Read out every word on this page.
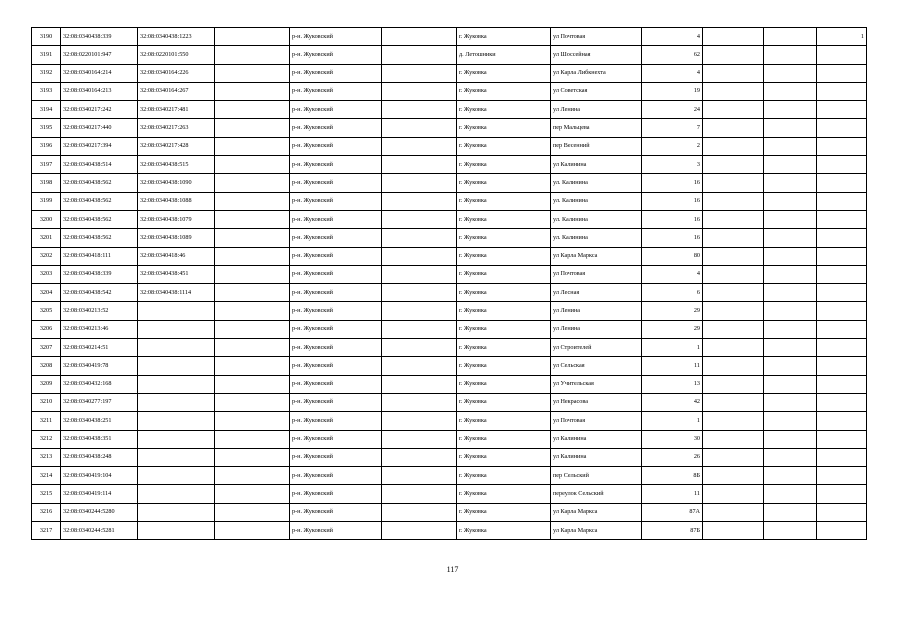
3190	32:08:0340438:339	32:08:0340438:1223		р-н. Жуковский		г. Жуковка	ул Почтовая	4			1
3191	32:08:0220101:947	32:08:0220101:550		р-н. Жуковский		д. Летошники	ул Шоссейная	62			
3192	32:08:0340164:214	32:08:0340164:226		р-н. Жуковский		г. Жуковка	ул Карла Либкнехта	4			
3193	32:08:0340164:213	32:08:0340164:267		р-н. Жуковский		г. Жуковка	ул Советская	19			
3194	32:08:0340217:242	32:08:0340217:481		р-н. Жуковский		г. Жуковка	ул Ленина	24			
3195	32:08:0340217:440	32:08:0340217:263		р-н. Жуковский		г. Жуковка	пер Мальцева	7			
3196	32:08:0340217:394	32:08:0340217:428		р-н. Жуковский		г. Жуковка	пер Весенний	2			
3197	32:08:0340438:514	32:08:0340438:515		р-н. Жуковский		г. Жуковка	ул Калинина	3			
3198	32:08:0340438:562	32:08:0340438:1090		р-н. Жуковский		г. Жуковка	ул. Калинина	16			
3199	32:08:0340438:562	32:08:0340438:1088		р-н. Жуковский		г. Жуковка	ул. Калинина	16			
3200	32:08:0340438:562	32:08:0340438:1079		р-н. Жуковский		г. Жуковка	ул. Калинина	16			
3201	32:08:0340438:562	32:08:0340438:1089		р-н. Жуковский		г. Жуковка	ул. Калинина	16			
3202	32:08:0340418:111	32:08:0340418:46		р-н. Жуковский		г. Жуковка	ул Карла Маркса	80			
3203	32:08:0340438:339	32:08:0340438:451		р-н. Жуковский		г. Жуковка	ул Почтовая	4			
3204	32:08:0340438:542	32:08:0340438:1114		р-н. Жуковский		г. Жуковка	ул Лесная	6			
3205	32:08:0340213:52			р-н. Жуковский		г. Жуковка	ул Ленина	29			
3206	32:08:0340213:46			р-н. Жуковский		г. Жуковка	ул Ленина	29			
3207	32:08:0340214:51			р-н. Жуковский		г. Жуковка	ул Строителей	1			
3208	32:08:0340419:78			р-н. Жуковский		г. Жуковка	ул Сельская	11			
3209	32:08:0340432:168			р-н. Жуковский		г. Жуковка	ул Учительская	13			
3210	32:08:0340277:197			р-н. Жуковский		г. Жуковка	ул Некрасова	42			
3211	32:08:0340438:251			р-н. Жуковский		г. Жуковка	ул Почтовая	1			
3212	32:08:0340438:351			р-н. Жуковский		г. Жуковка	ул Калинина	30			
3213	32:08:0340438:248			р-н. Жуковский		г. Жуковка	ул Калинина	26			
3214	32:08:0340419:104			р-н. Жуковский		г. Жуковка	пер Сельский	8Б			
3215	32:08:0340419:114			р-н. Жуковский		г. Жуковка	переулок Сельский	11			
3216	32:08:0340244:5280			р-н. Жуковский		г. Жуковка	ул Карла Маркса	87А			
3217	32:08:0340244:5281			р-н. Жуковский		г. Жуковка	ул Карла Маркса	87Б			
117
